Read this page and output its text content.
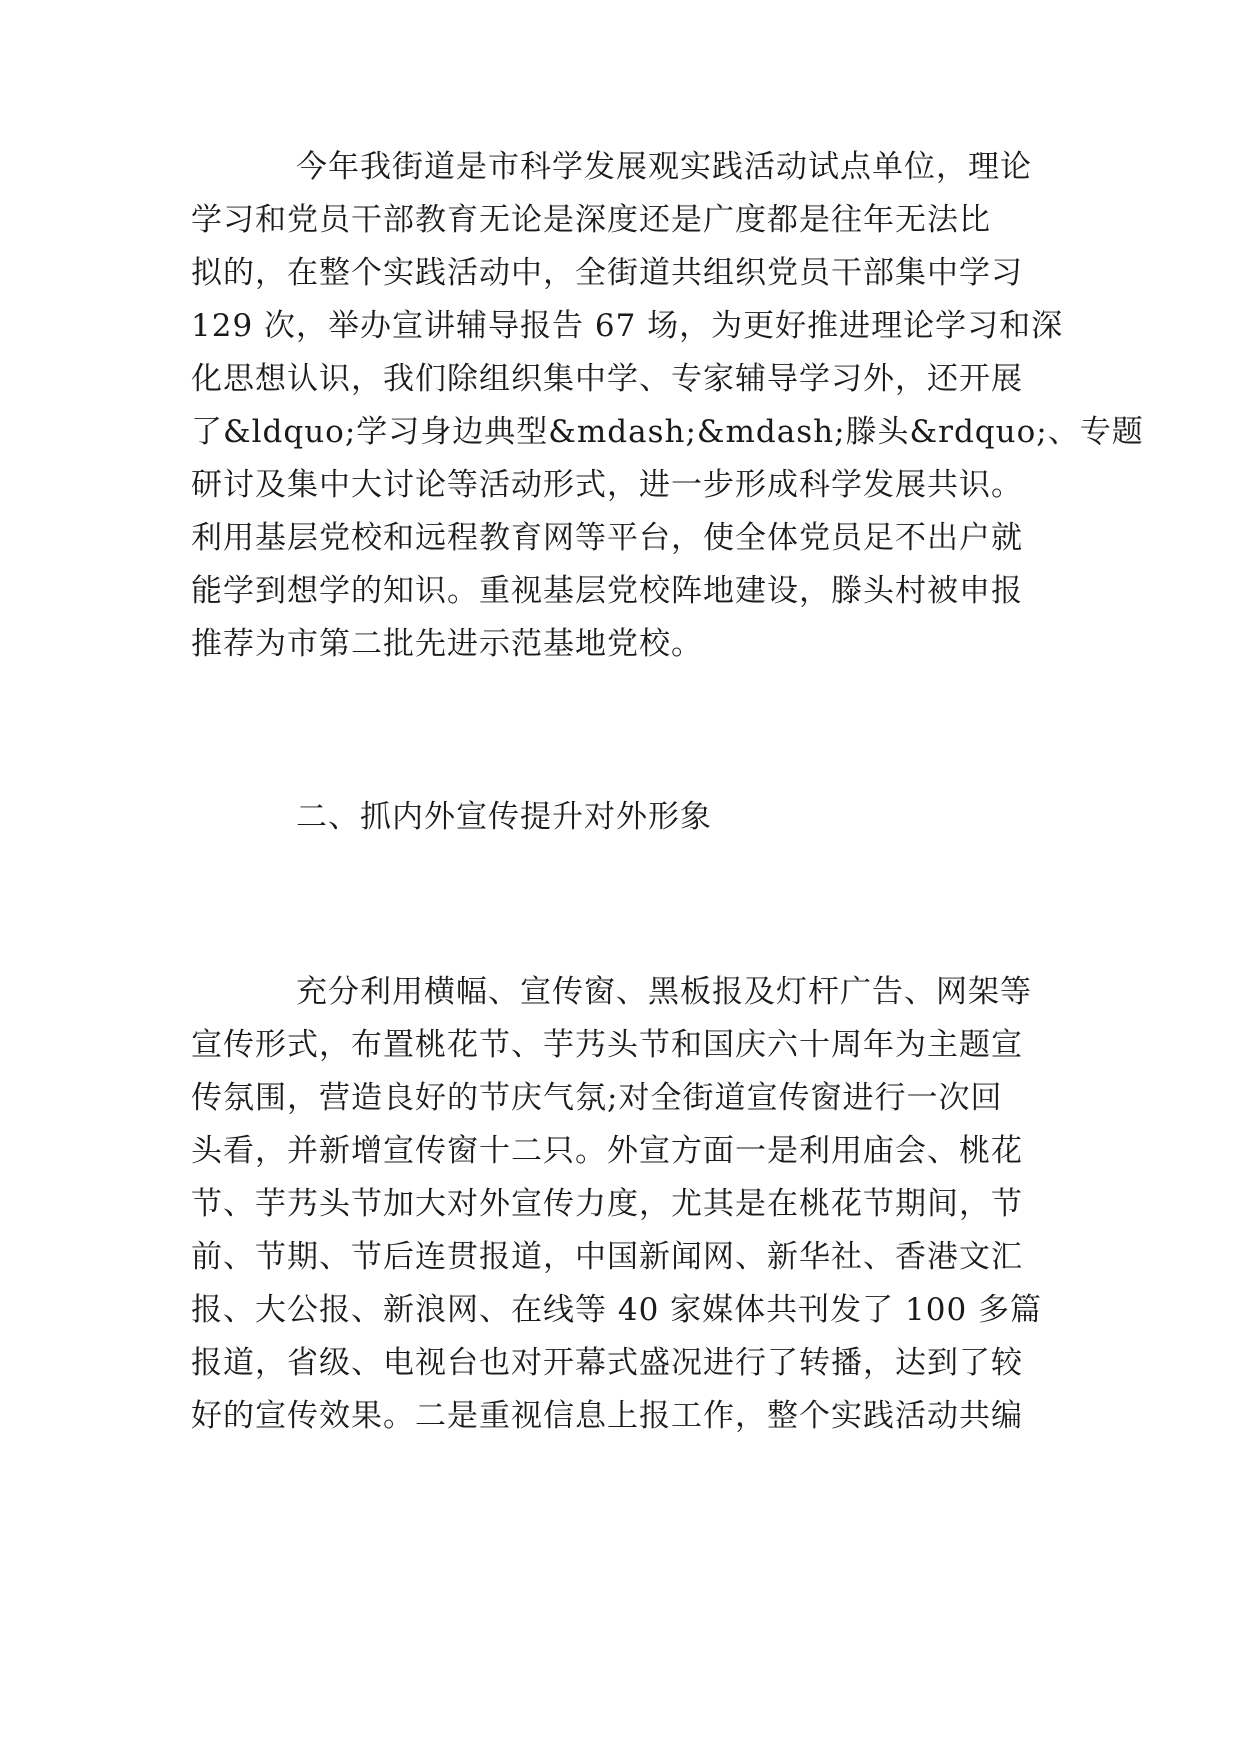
今年我街道是市科学发展观实践活动试点单位，理论
学习和党员干部教育无论是深度还是广度都是往年无法比
拟的，在整个实践活动中，全街道共组织党员干部集中学习
129 次，举办宣讲辅导报告 67 场，为更好推进理论学习和深
化思想认识，我们除组织集中学、专家辅导学习外，还开展
了&ldquo;学习身边典型&mdash;&mdash;滕头&rdquo;、专题
研讨及集中大讨论等活动形式，进一步形成科学发展共识。
利用基层党校和远程教育网等平台，使全体党员足不出户就
能学到想学的知识。重视基层党校阵地建设，滕头村被申报
推荐为市第二批先进示范基地党校。
二、抓内外宣传提升对外形象
充分利用横幅、宣传窗、黑板报及灯杆广告、网架等
宣传形式，布置桃花节、芋艿头节和国庆六十周年为主题宣
传氛围，营造良好的节庆气氛;对全街道宣传窗进行一次回
头看，并新增宣传窗十二只。外宣方面一是利用庙会、桃花
节、芋艿头节加大对外宣传力度，尤其是在桃花节期间，节
前、节期、节后连贯报道，中国新闻网、新华社、香港文汇
报、大公报、新浪网、在线等 40 家媒体共刊发了 100 多篇
报道，省级、电视台也对开幕式盛况进行了转播，达到了较
好的宣传效果。二是重视信息上报工作，整个实践活动共编
